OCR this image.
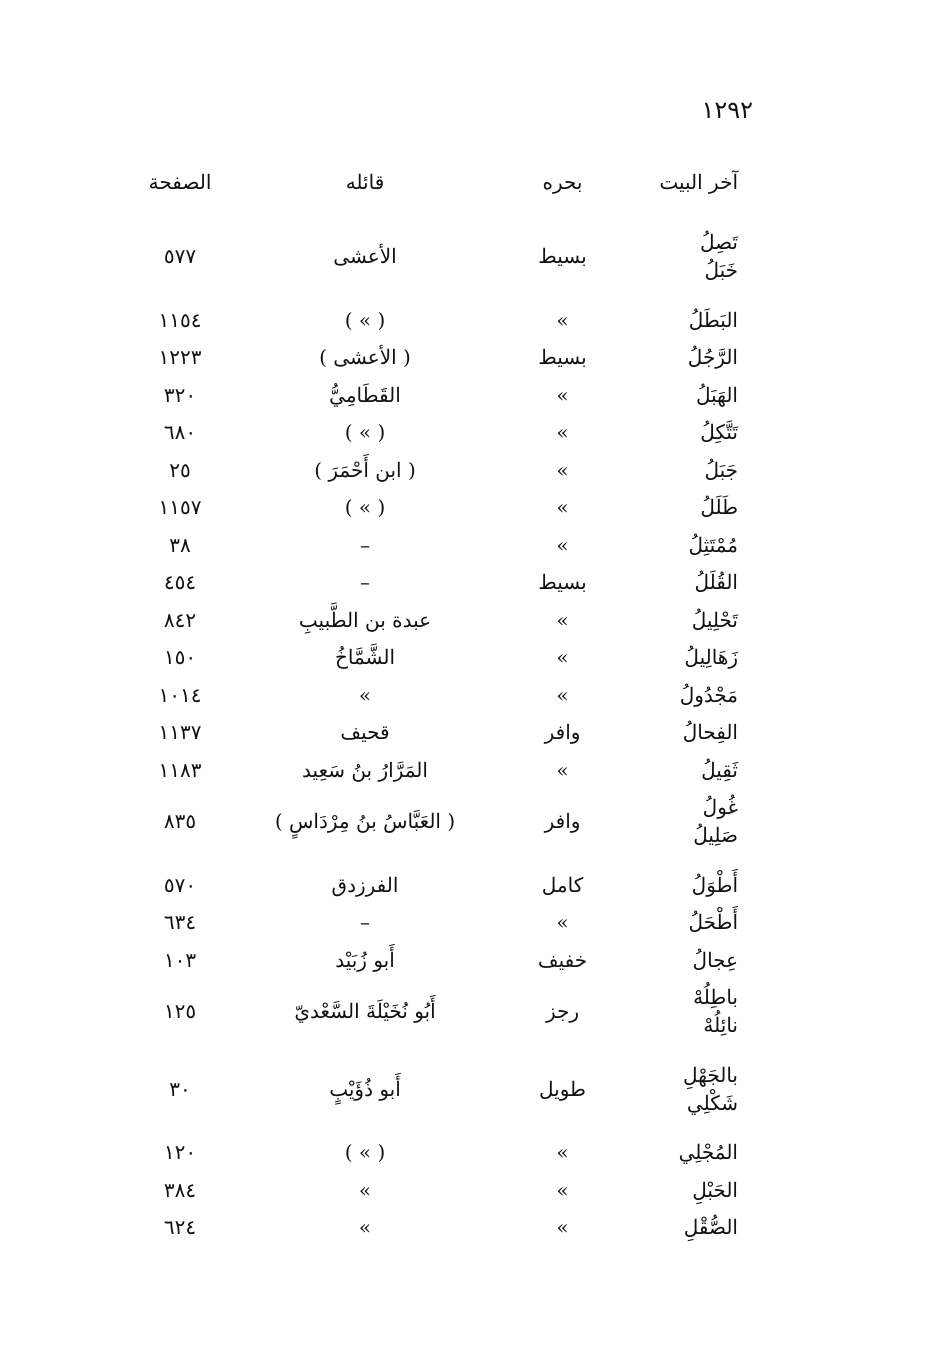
١٢٩٢
آخر البيت
بحره
قائله
الصفحة
تَصِلُ
خَبَلُ
بسيط
الأعشى
٥٧٧
البَطَلُ
»
( » )
١١٥٤
الرَّجُلُ
بسيط
( الأعشى )
١٢٢٣
الهَبَلُ
»
القَطَامِيُّ
٣٢٠
تَتَّكِلُ
»
( » )
٦٨٠
جَبَلُ
»
( ابن أَحْمَرَ )
٢٥
طَلَلُ
»
( » )
١١٥٧
مُمْتَثِلُ
»
–
٣٨
القُلَلُ
بسيط
–
٤٥٤
تَحْلِيلُ
»
عبدة بن الطَّبيبِ
٨٤٢
زَهَالِيلُ
»
الشَّمَّاخُ
١٥٠
مَجْدُولُ
»
»
١٠١٤
الفِحالُ
وافر
قحيف
١١٣٧
ثَقِيلُ
»
المَرَّارُ بنُ سَعِيد
١١٨٣
غُولُ
صَلِيلُ
وافر
( العَبَّاسُ بنُ مِرْدَاسٍ )
٨٣٥
أَطْوَلُ
كامل
الفرزدق
٥٧٠
أَطْحَلُ
»
–
٦٣٤
عِجالُ
خفيف
أَبو زُبَيْد
١٠٣
باطِلُهْ
نائِلُهْ
رجز
أَبُو نُخَيْلَةَ السَّعْديّ
١٢٥
بالجَهْلِ
شَكْلِي
طويل
أَبو ذُؤَيْبٍ
٣٠
المُجْلِي
»
( » )
١٢٠
الحَبْلِ
»
»
٣٨٤
الصُّقْلِ
»
»
٦٢٤
